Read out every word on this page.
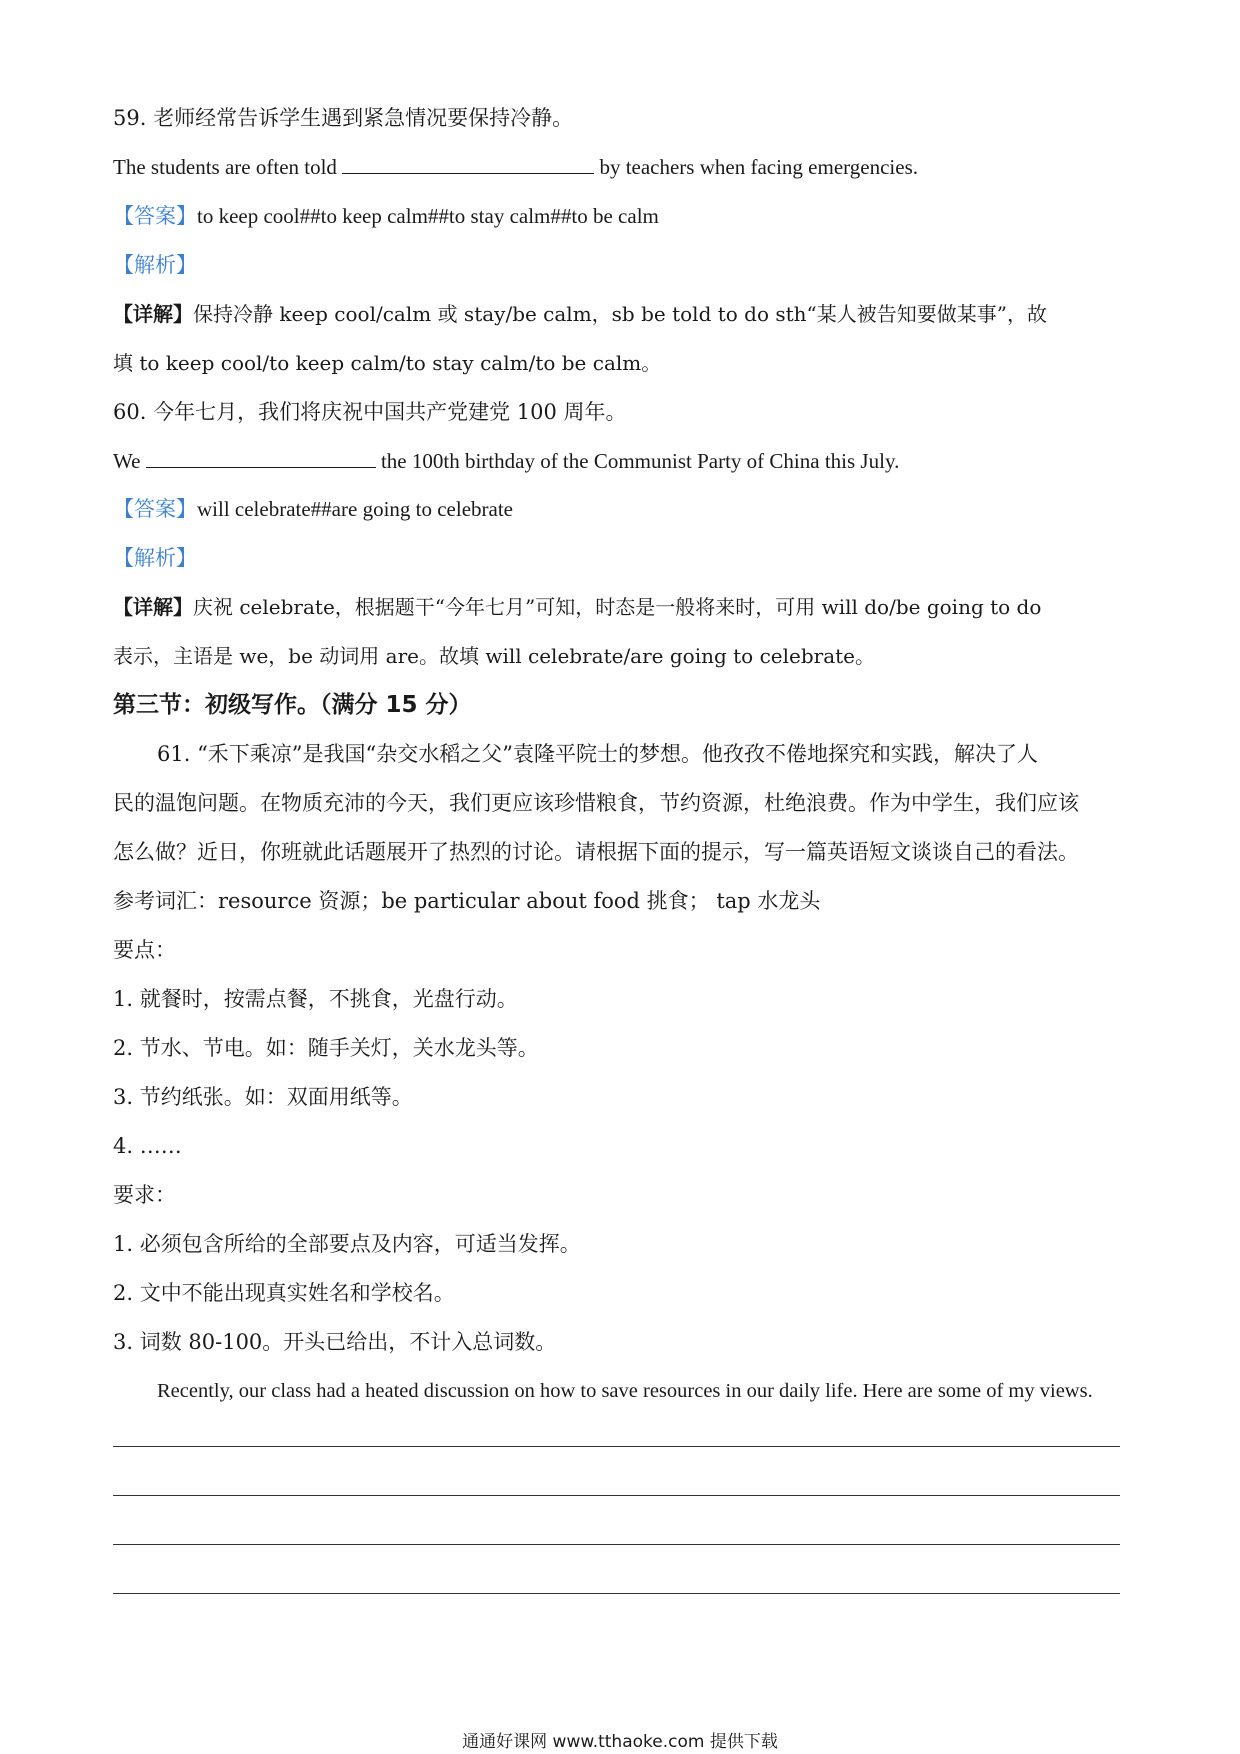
59. 老师经常告诉学生遇到紧急情况要保持冷静。
The students are often told	by teachers when facing emergencies.
【答案】to keep cool##to keep calm##to stay calm##to be calm
【解析】
【详解】保持冷静 keep cool/calm 或 stay/be calm，sb be told to do sth“某人被告知要做某事”，故
填 to keep cool/to keep calm/to stay calm/to be calm。
60. 今年七月，我们将庆祝中国共产党建党 100 周年。
We	the 100th birthday of the Communist Party of China this July.
【答案】will celebrate##are going to celebrate
【解析】
【详解】庆祝 celebrate，根据题干“今年七月”可知，时态是一般将来时，可用 will do/be going to do
表示，主语是 we，be 动词用 are。故填 will celebrate/are going to celebrate。
第三节：初级写作。（满分 15 分）
61. “禾下乘凉”是我国“杂交水稻之父”袁隆平院士的梦想。他孜孜不倦地探究和实践，解决了人
民的温饱问题。在物质充沛的今天，我们更应该珍惜粮食，节约资源，杜绝浪费。作为中学生，我们应该
怎么做？近日，你班就此话题展开了热烈的讨论。请根据下面的提示，写一篇英语短文谈谈自己的看法。
参考词汇：resource 资源；be particular about food 挑食； tap 水龙头
要点：
1. 就餐时，按需点餐，不挑食，光盘行动。
2. 节水、节电。如：随手关灯，关水龙头等。
3. 节约纸张。如：双面用纸等。
4. ……
要求：
1. 必须包含所给的全部要点及内容，可适当发挥。
2. 文中不能出现真实姓名和学校名。
3. 词数 80-100。开头已给出，不计入总词数。
Recently, our class had a heated discussion on how to save resources in our daily life. Here are some of my views.
通通好课网 www.tthaoke.com 提供下载
